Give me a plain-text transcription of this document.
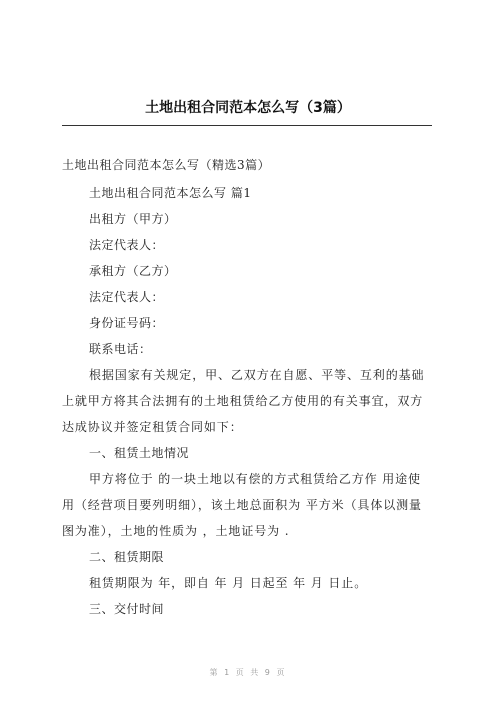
土地出租合同范本怎么写（3篇）
土地出租合同范本怎么写（精选3篇）
土地出租合同范本怎么写 篇1
出租方（甲方）
法定代表人：
承租方（乙方）
法定代表人：
身份证号码：
联系电话：
根据国家有关规定，甲、乙双方在自愿、平等、互利的基础
上就甲方将其合法拥有的土地租赁给乙方使用的有关事宜，双方
达成协议并签定租赁合同如下：
一、租赁土地情况
甲方将位于 的一块土地以有偿的方式租赁给乙方作 用途使
用（经营项目要列明细），该土地总面积为 平方米（具体以测量
图为准），土地的性质为 ，土地证号为 .
二、租赁期限
租赁期限为 年，即自 年 月 日起至 年 月 日止。
三、交付时间
第 1 页 共 9 页
